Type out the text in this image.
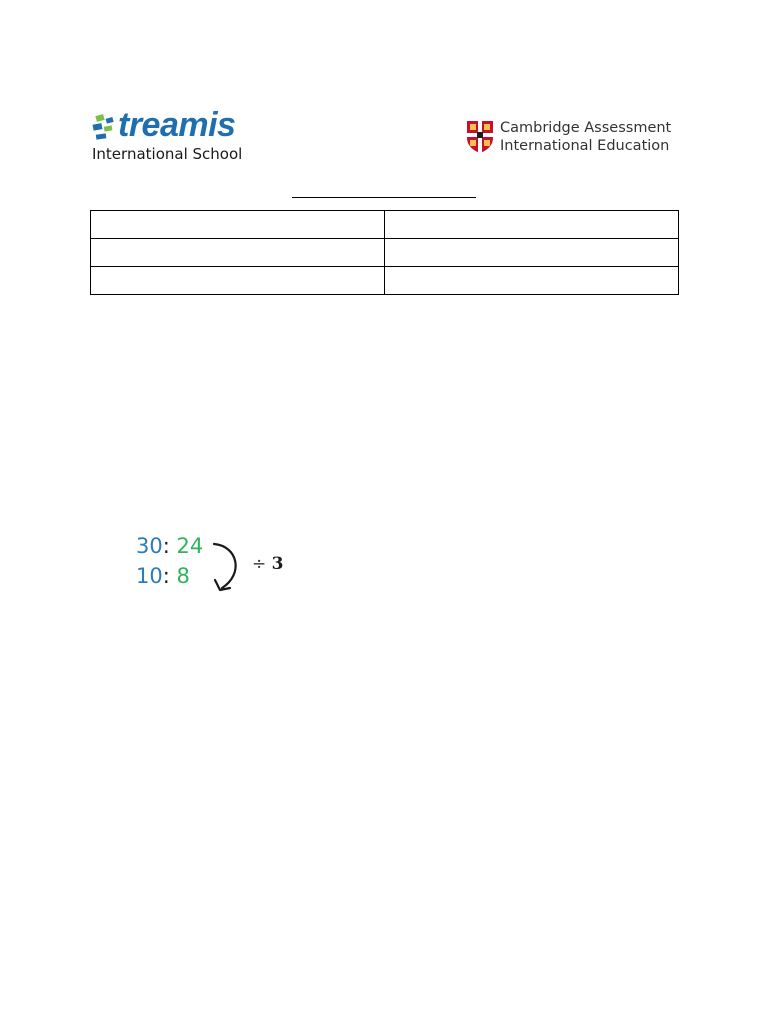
treamis
International School
Cambridge Assessment
International Education

30: 24
10: 8	÷ 3
